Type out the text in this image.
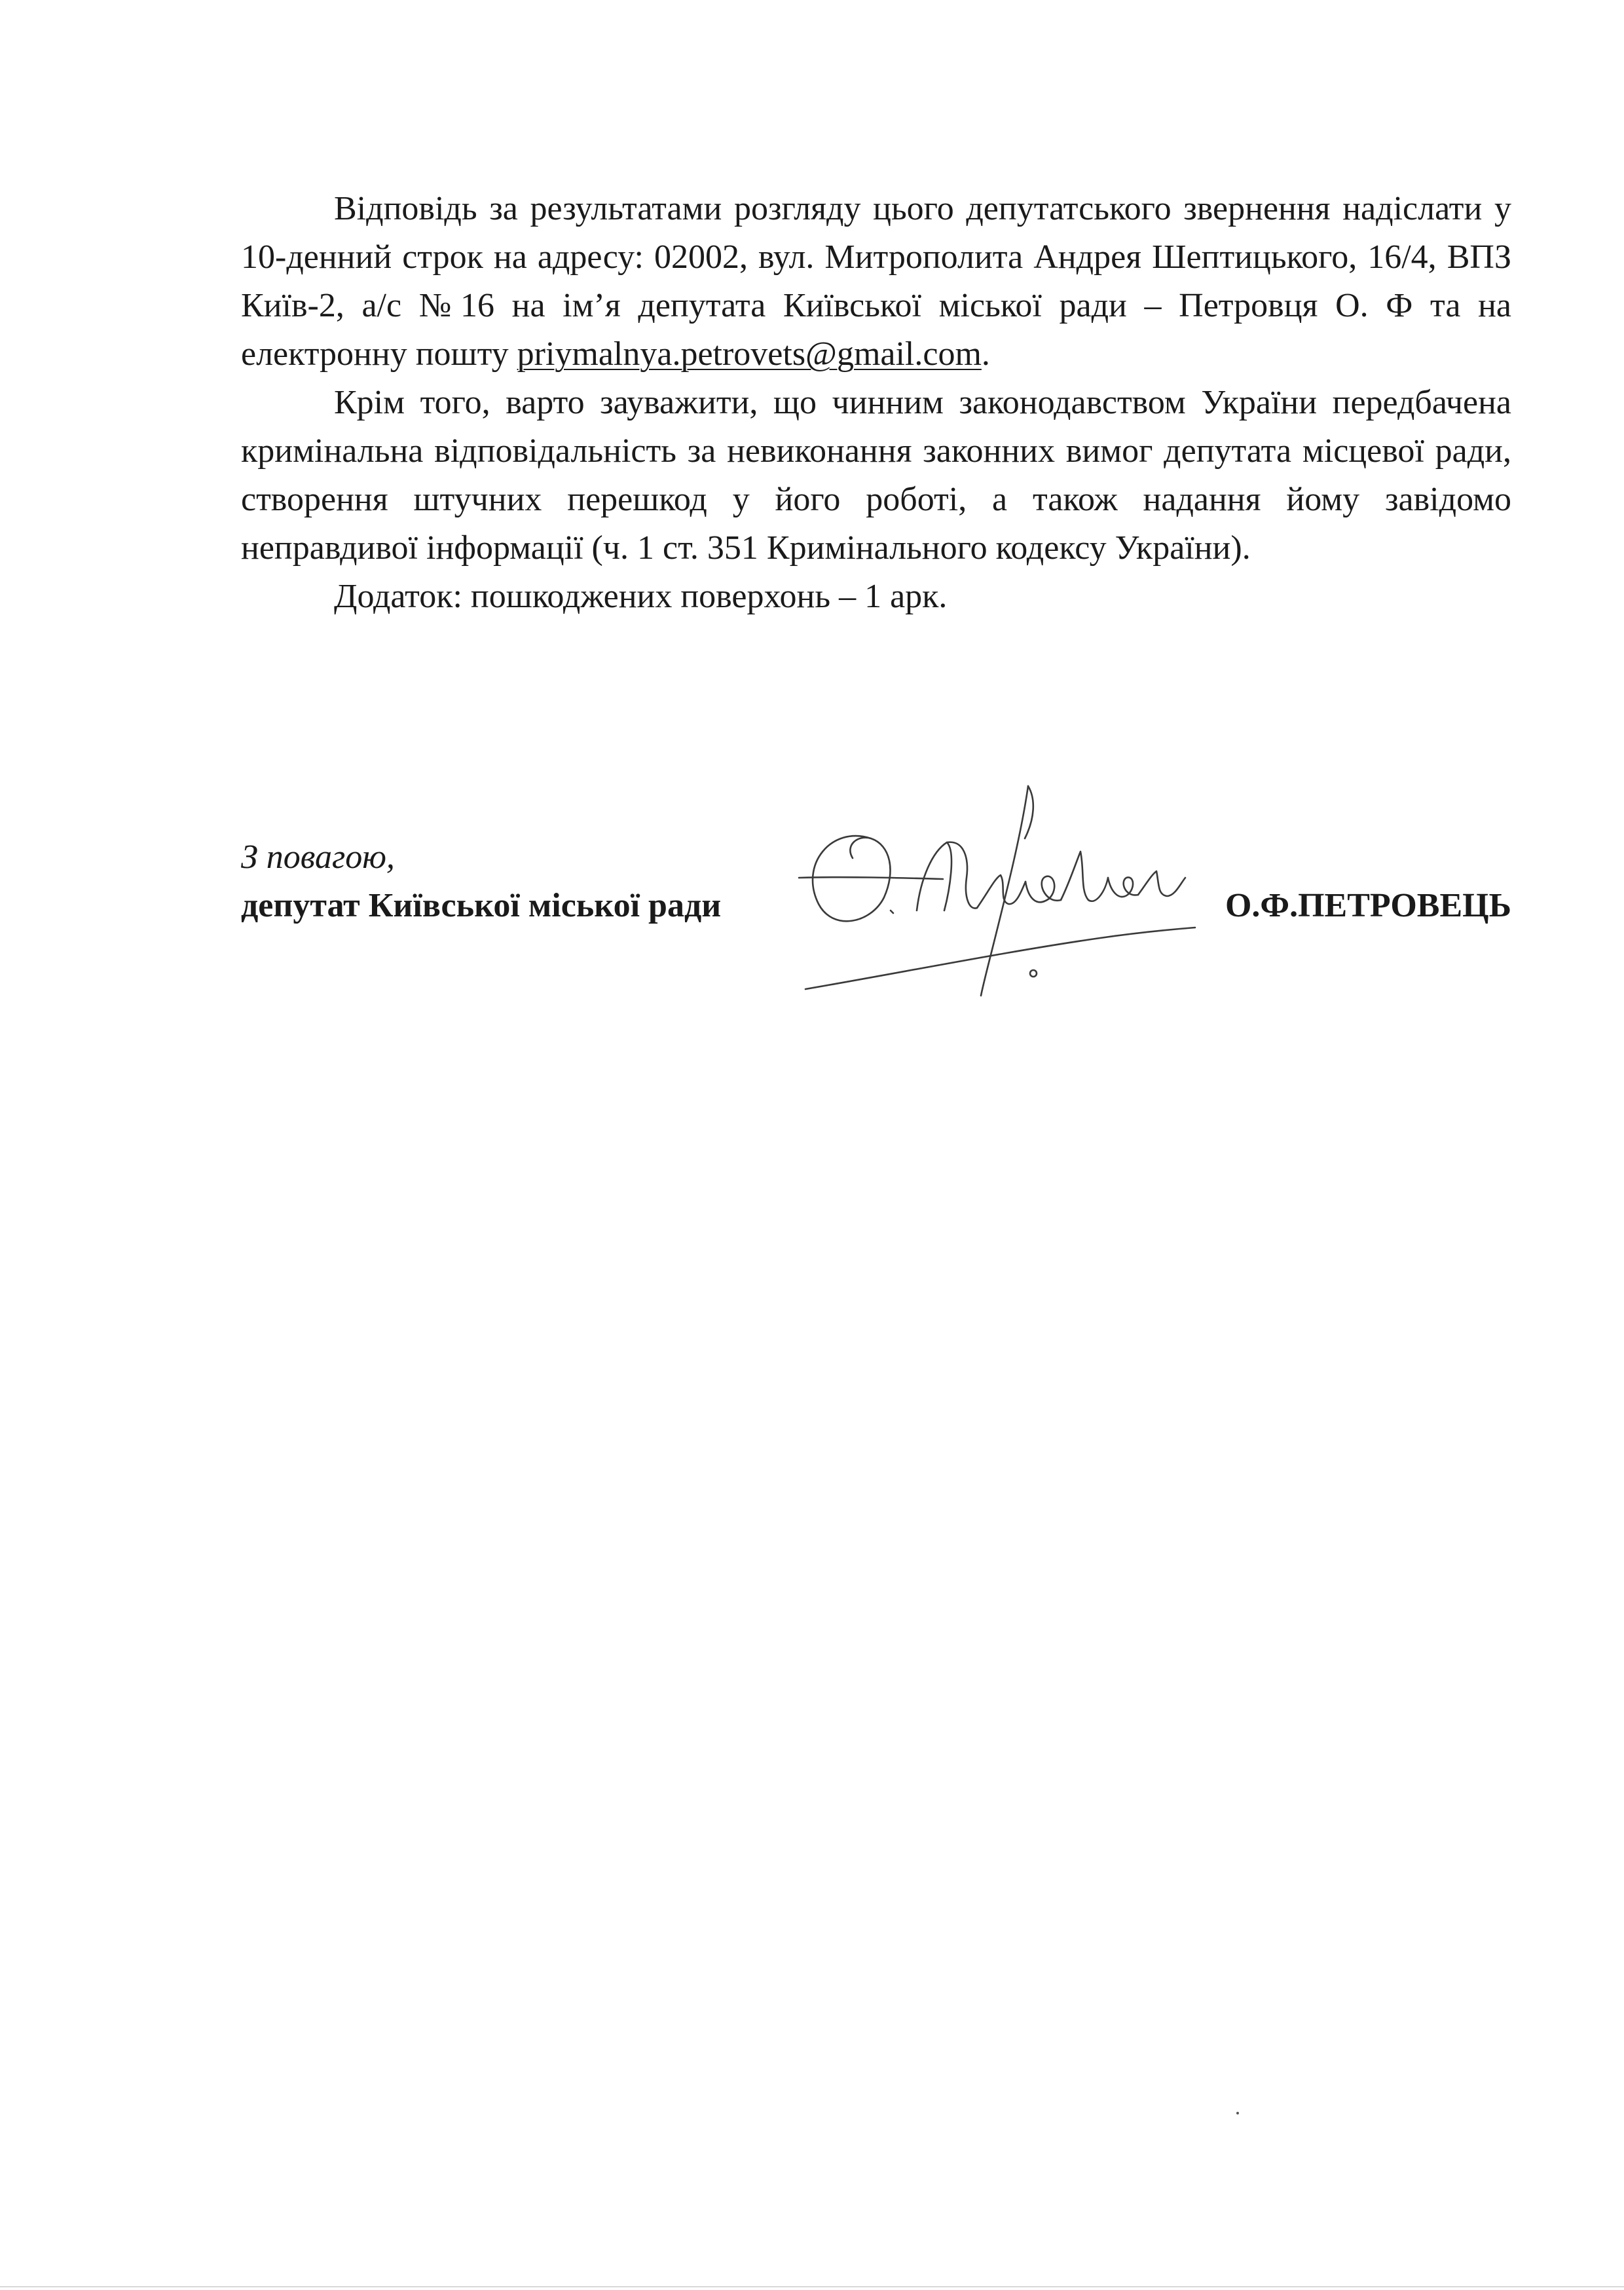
Відповідь за результатами розгляду цього депутатського звернення надіслати у 10-денний строк на адресу: 02002, вул. Митрополита Андрея Шептицького, 16/4, ВПЗ Київ-2, а/с №16 на ім’я депутата Київської міської ради – Петровця О. Ф та на електронну пошту priymalnya.petrovets@gmail.com.

Крім того, варто зауважити, що чинним законодавством України передбачена кримінальна відповідальність за невиконання законних вимог депутата місцевої ради, створення штучних перешкод у його роботі, а також надання йому завідомо неправдивої інформації (ч. 1 ст. 351 Кримінального кодексу України).

Додаток: пошкоджених поверхонь – 1 арк.

З повагою,
депутат Київської міської ради	О.Ф.ПЕТРОВЕЦЬ
